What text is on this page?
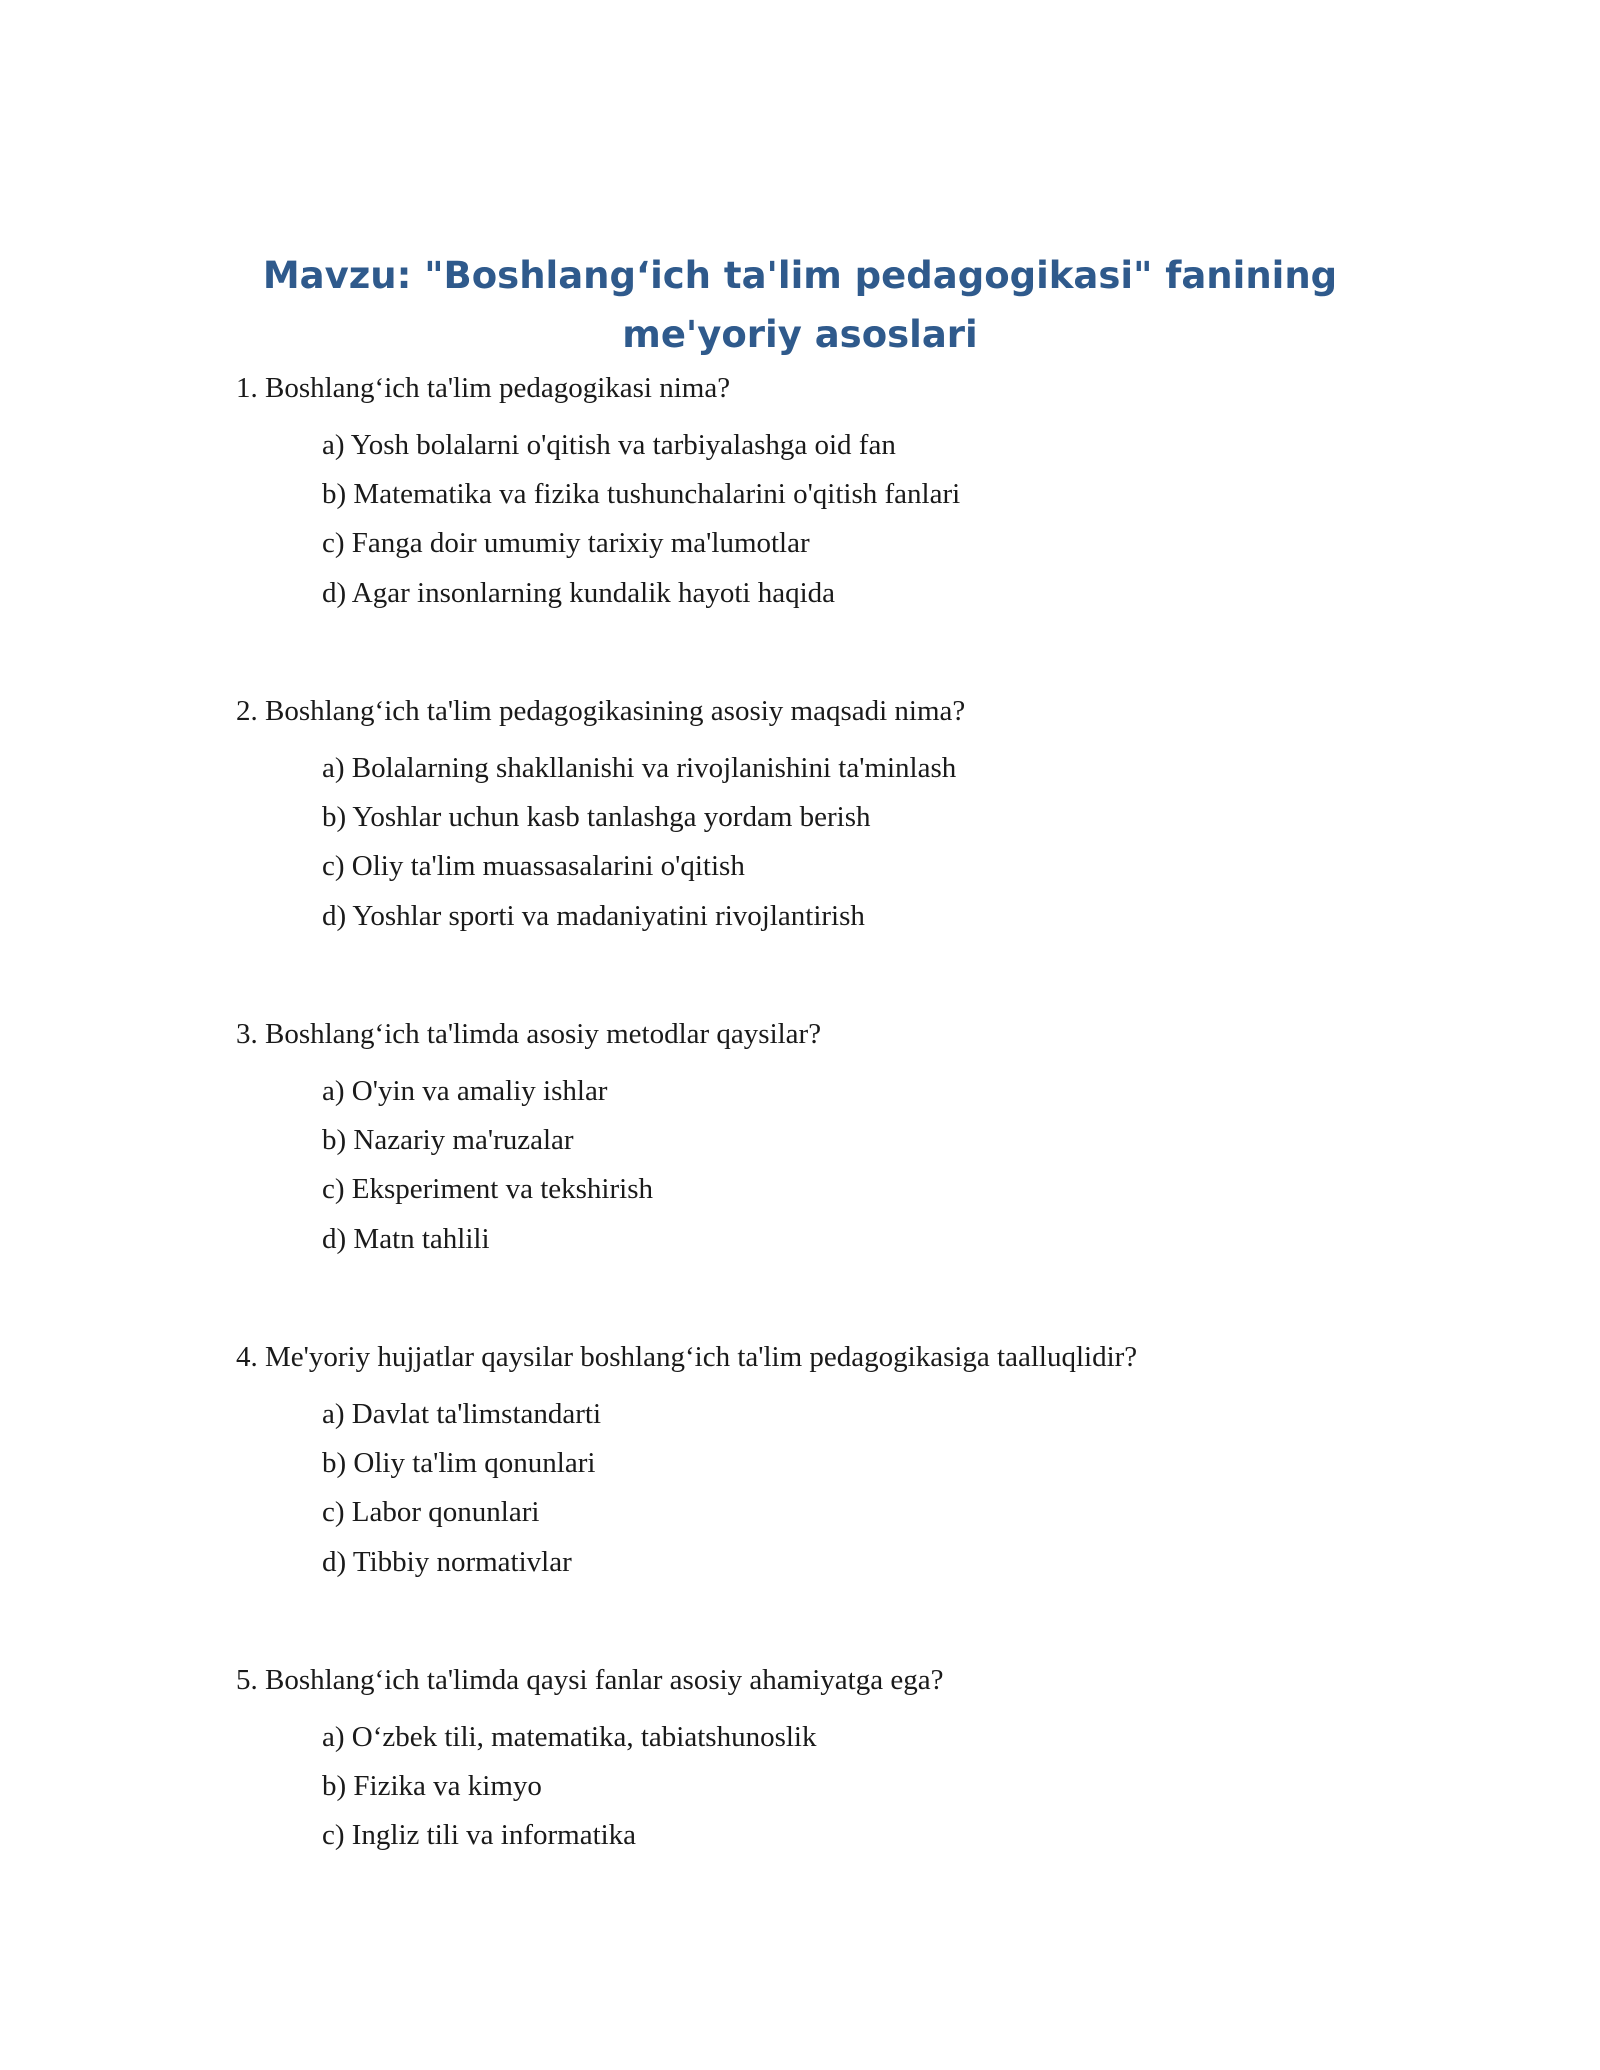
Mavzu: "Boshlang‘ich ta'lim pedagogikasi" fanining me'yoriy asoslari

1. Boshlang‘ich ta'lim pedagogikasi nima?

a) Yosh bolalarni o'qitish va tarbiyalashga oid fan

b) Matematika va fizika tushunchalarini o'qitish fanlari

c) Fanga doir umumiy tarixiy ma'lumotlar

d) Agar insonlarning kundalik hayoti haqida

2. Boshlang‘ich ta'lim pedagogikasining asosiy maqsadi nima?

a) Bolalarning shakllanishi va rivojlanishini ta'minlash

b) Yoshlar uchun kasb tanlashga yordam berish

c) Oliy ta'lim muassasalarini o'qitish

d) Yoshlar sporti va madaniyatini rivojlantirish

3. Boshlang‘ich ta'limda asosiy metodlar qaysilar?

a) O'yin va amaliy ishlar

b) Nazariy ma'ruzalar

c) Eksperiment va tekshirish

d) Matn tahlili

4. Me'yoriy hujjatlar qaysilar boshlang‘ich ta'lim pedagogikasiga taalluqlidir?

a) Davlat ta'limstandarti

b) Oliy ta'lim qonunlari

c) Labor qonunlari

d) Tibbiy normativlar

5. Boshlang‘ich ta'limda qaysi fanlar asosiy ahamiyatga ega?

a) O‘zbek tili, matematika, tabiatshunoslik

b) Fizika va kimyo

c) Ingliz tili va informatika
